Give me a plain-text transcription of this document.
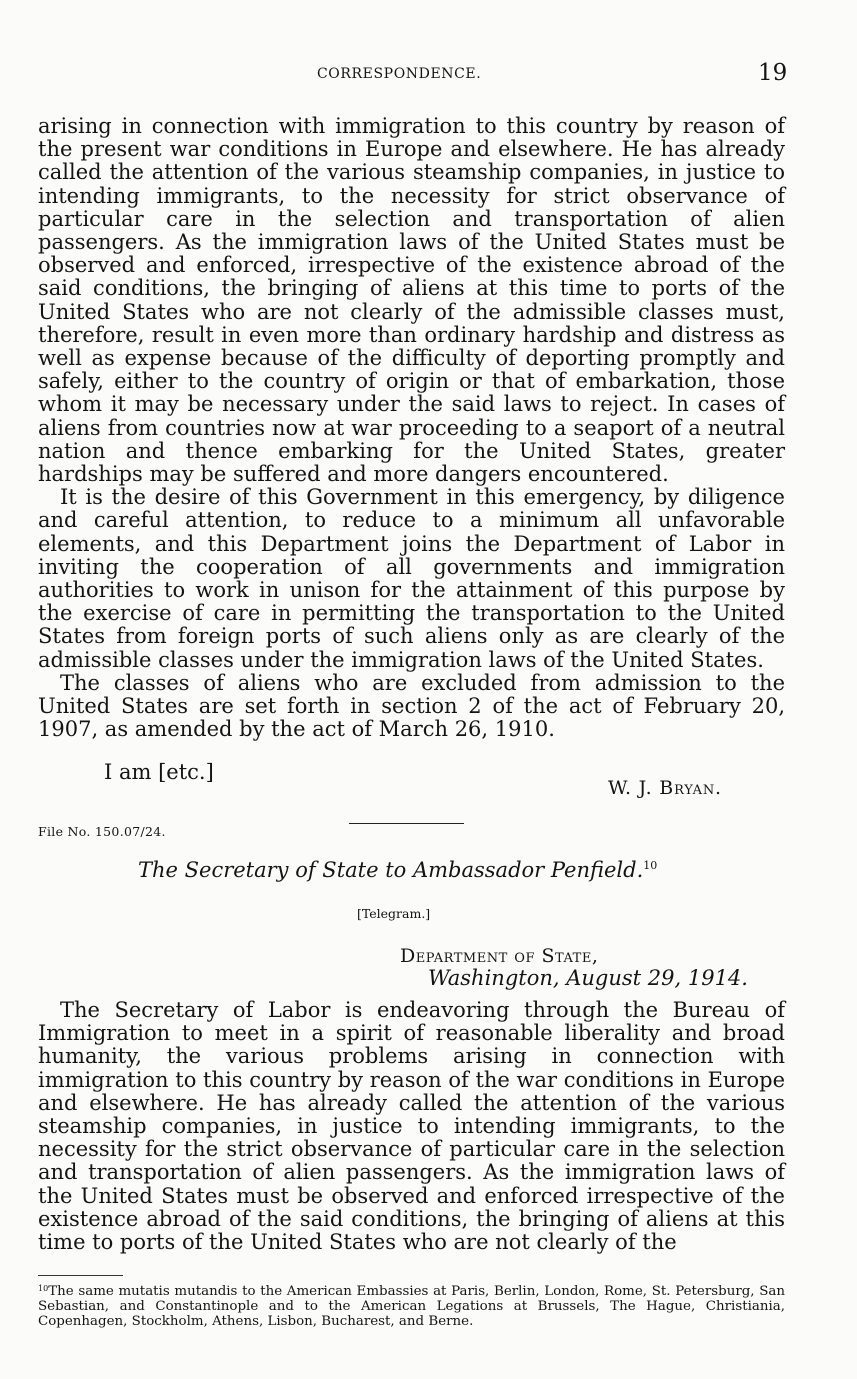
CORRESPONDENCE.	19

arising in connection with immigration to this country by reason of the present war conditions in Europe and elsewhere. He has already called the attention of the various steamship companies, in justice to intending immigrants, to the necessity for strict observance of particular care in the selection and transportation of alien passengers. As the immigration laws of the United States must be observed and enforced, irrespective of the existence abroad of the said conditions, the bringing of aliens at this time to ports of the United States who are not clearly of the admissible classes must, therefore, result in even more than ordinary hardship and distress as well as expense because of the difficulty of deporting promptly and safely, either to the country of origin or that of embarkation, those whom it may be necessary under the said laws to reject. In cases of aliens from countries now at war proceeding to a seaport of a neutral nation and thence embarking for the United States, greater hardships may be suffered and more dangers encountered.

It is the desire of this Government in this emergency, by diligence and careful attention, to reduce to a minimum all unfavorable elements, and this Department joins the Department of Labor in inviting the cooperation of all governments and immigration authorities to work in unison for the attainment of this purpose by the exercise of care in permitting the transportation to the United States from foreign ports of such aliens only as are clearly of the admissible classes under the immigration laws of the United States.

The classes of aliens who are excluded from admission to the United States are set forth in section 2 of the act of February 20, 1907, as amended by the act of March 26, 1910.

I am [etc.]
W. J. Bryan.
File No. 150.07/24.
The Secretary of State to Ambassador Penfield.$^{10}$
[Telegram.]
Department of State,
Washington, August 29, 1914.

The Secretary of Labor is endeavoring through the Bureau of Immigration to meet in a spirit of reasonable liberality and broad humanity, the various problems arising in connection with immigration to this country by reason of the war conditions in Europe and elsewhere. He has already called the attention of the various steamship companies, in justice to intending immigrants, to the necessity for the strict observance of particular care in the selection and transportation of alien passengers. As the immigration laws of the United States must be observed and enforced irrespective of the existence abroad of the said conditions, the bringing of aliens at this time to ports of the United States who are not clearly of the

$^{10}$The same mutatis mutandis to the American Embassies at Paris, Berlin, London, Rome, St. Petersburg, San Sebastian, and Constantinople and to the American Legations at Brussels, The Hague, Christiania, Copenhagen, Stockholm, Athens, Lisbon, Bucharest, and Berne.
